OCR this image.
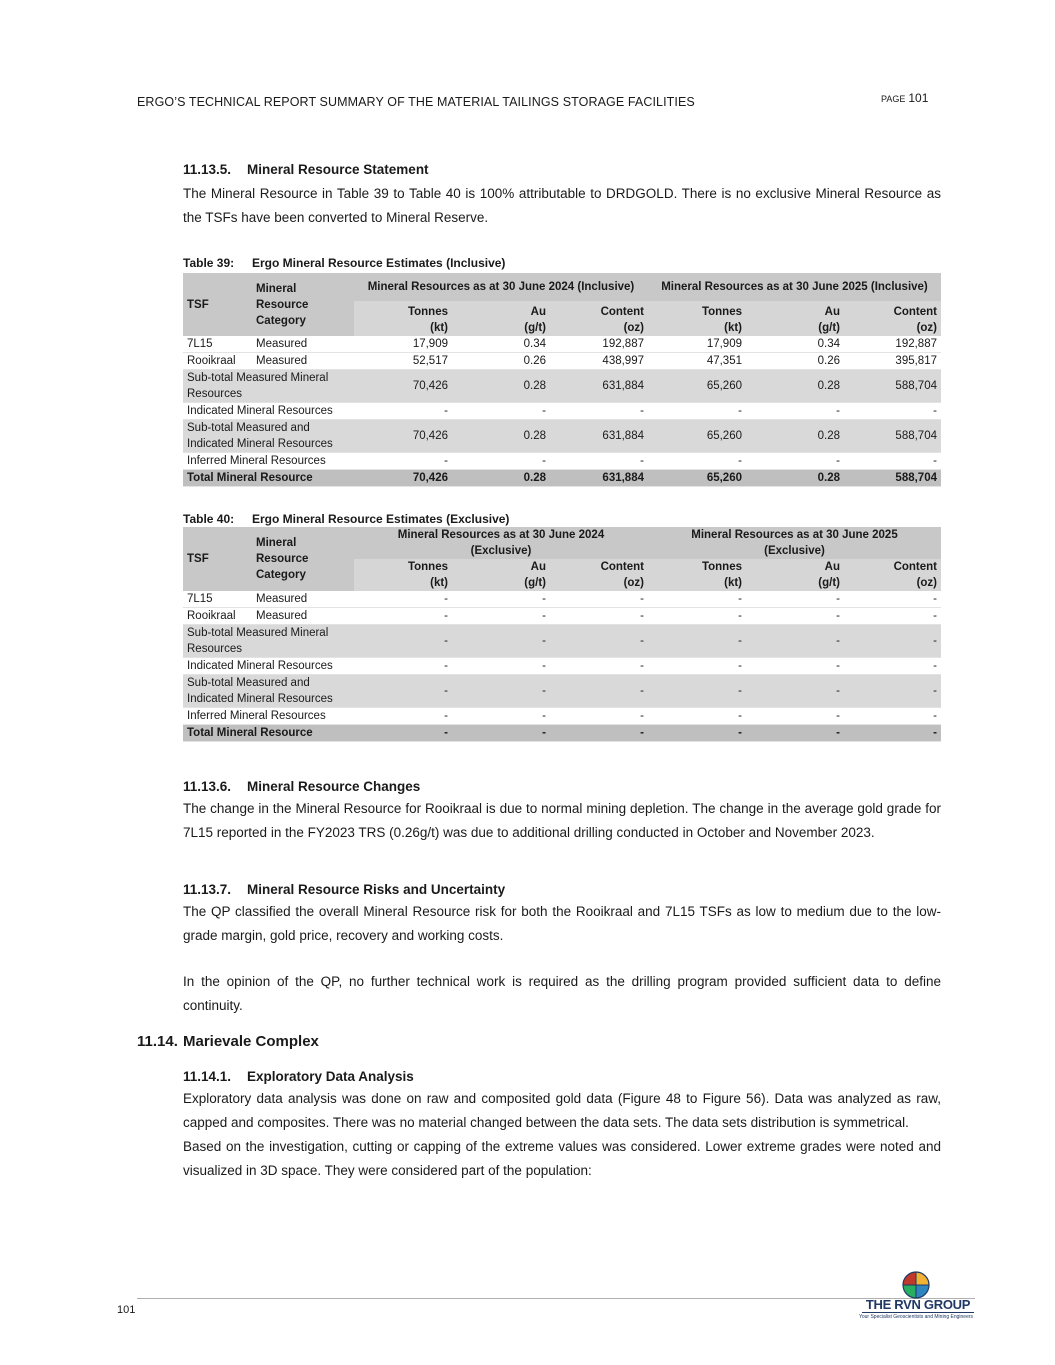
ERGO’S TECHNICAL REPORT SUMMARY OF THE MATERIAL TAILINGS STORAGE FACILITIES	PAGE 101
11.13.5. Mineral Resource Statement

The Mineral Resource in Table 39 to Table 40 is 100% attributable to DRDGOLD. There is no exclusive Mineral Resource as the TSFs have been converted to Mineral Reserve.

Table 39: Ergo Mineral Resource Estimates (Inclusive)
TSF	Mineral Resource Category	Mineral Resources as at 30 June 2024 (Inclusive)			Mineral Resources as at 30 June 2025 (Inclusive)		
		Tonnes	Au	Content	Tonnes	Au	Content
		(kt)	(g/t)	(oz)	(kt)	(g/t)	(oz)
7L15	Measured	17,909	0.34	192,887	17,909	0.34	192,887
Rooikraal	Measured	52,517	0.26	438,997	47,351	0.26	395,817
Sub-total Measured Mineral Resources		70,426	0.28	631,884	65,260	0.28	588,704
Indicated Mineral Resources		-	-	-	-	-	-
Sub-total Measured and Indicated Mineral Resources		70,426	0.28	631,884	65,260	0.28	588,704
Inferred Mineral Resources		-	-	-	-	-	-
Total Mineral Resource		70,426	0.28	631,884	65,260	0.28	588,704
Table 40: Ergo Mineral Resource Estimates (Exclusive)
TSF	Mineral Resource Category	Mineral Resources as at 30 June 2024 (Exclusive)			Mineral Resources as at 30 June 2025 (Exclusive)		
		Tonnes	Au	Content	Tonnes	Au	Content
		(kt)	(g/t)	(oz)	(kt)	(g/t)	(oz)
7L15	Measured	-	-	-	-	-	-
Rooikraal	Measured	-	-	-	-	-	-
Sub-total Measured Mineral Resources		-	-	-	-	-	-
Indicated Mineral Resources		-	-	-	-	-	-
Sub-total Measured and Indicated Mineral Resources		-	-	-	-	-	-
Inferred Mineral Resources		-	-	-	-	-	-
Total Mineral Resource		-	-	-	-	-	-
11.13.6. Mineral Resource Changes

The change in the Mineral Resource for Rooikraal is due to normal mining depletion. The change in the average gold grade for 7L15 reported in the FY2023 TRS (0.26g/t) was due to additional drilling conducted in October and November 2023.

11.13.7. Mineral Resource Risks and Uncertainty

The QP classified the overall Mineral Resource risk for both the Rooikraal and 7L15 TSFs as low to medium due to the low-grade margin, gold price, recovery and working costs.

In the opinion of the QP, no further technical work is required as the drilling program provided sufficient data to define continuity.

11.14. Marievale Complex
11.14.1. Exploratory Data Analysis

Exploratory data analysis was done on raw and composited gold data (Figure 48 to Figure 56). Data was analyzed as raw, capped and composites. There was no material changed between the data sets. The data sets distribution is symmetrical.

Based on the investigation, cutting or capping of the extreme values was considered. Lower extreme grades were noted and visualized in 3D space. They were considered part of the population:

101	THE RVN GROUP
Your Specialist Geoscientists and Mining Engineers
